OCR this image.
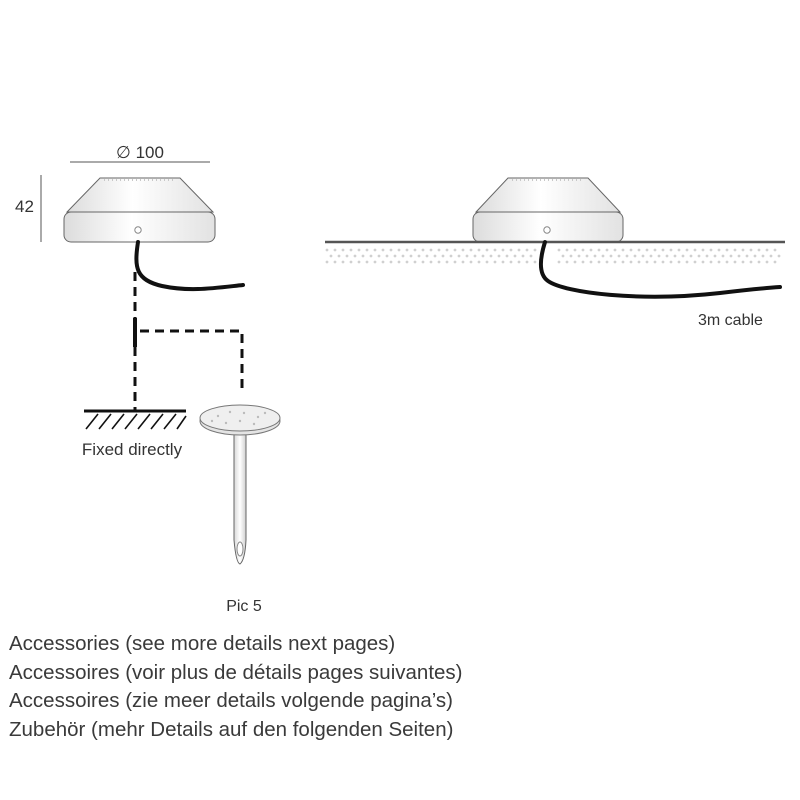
∅ 100
42
Fixed directly
Pic 5
3m cable
Accessories (see more details next pages)
Accessoires (voir plus de détails pages suivantes)
Accessoires (zie meer details volgende pagina’s)
Zubehör (mehr Details auf den folgenden Seiten)
